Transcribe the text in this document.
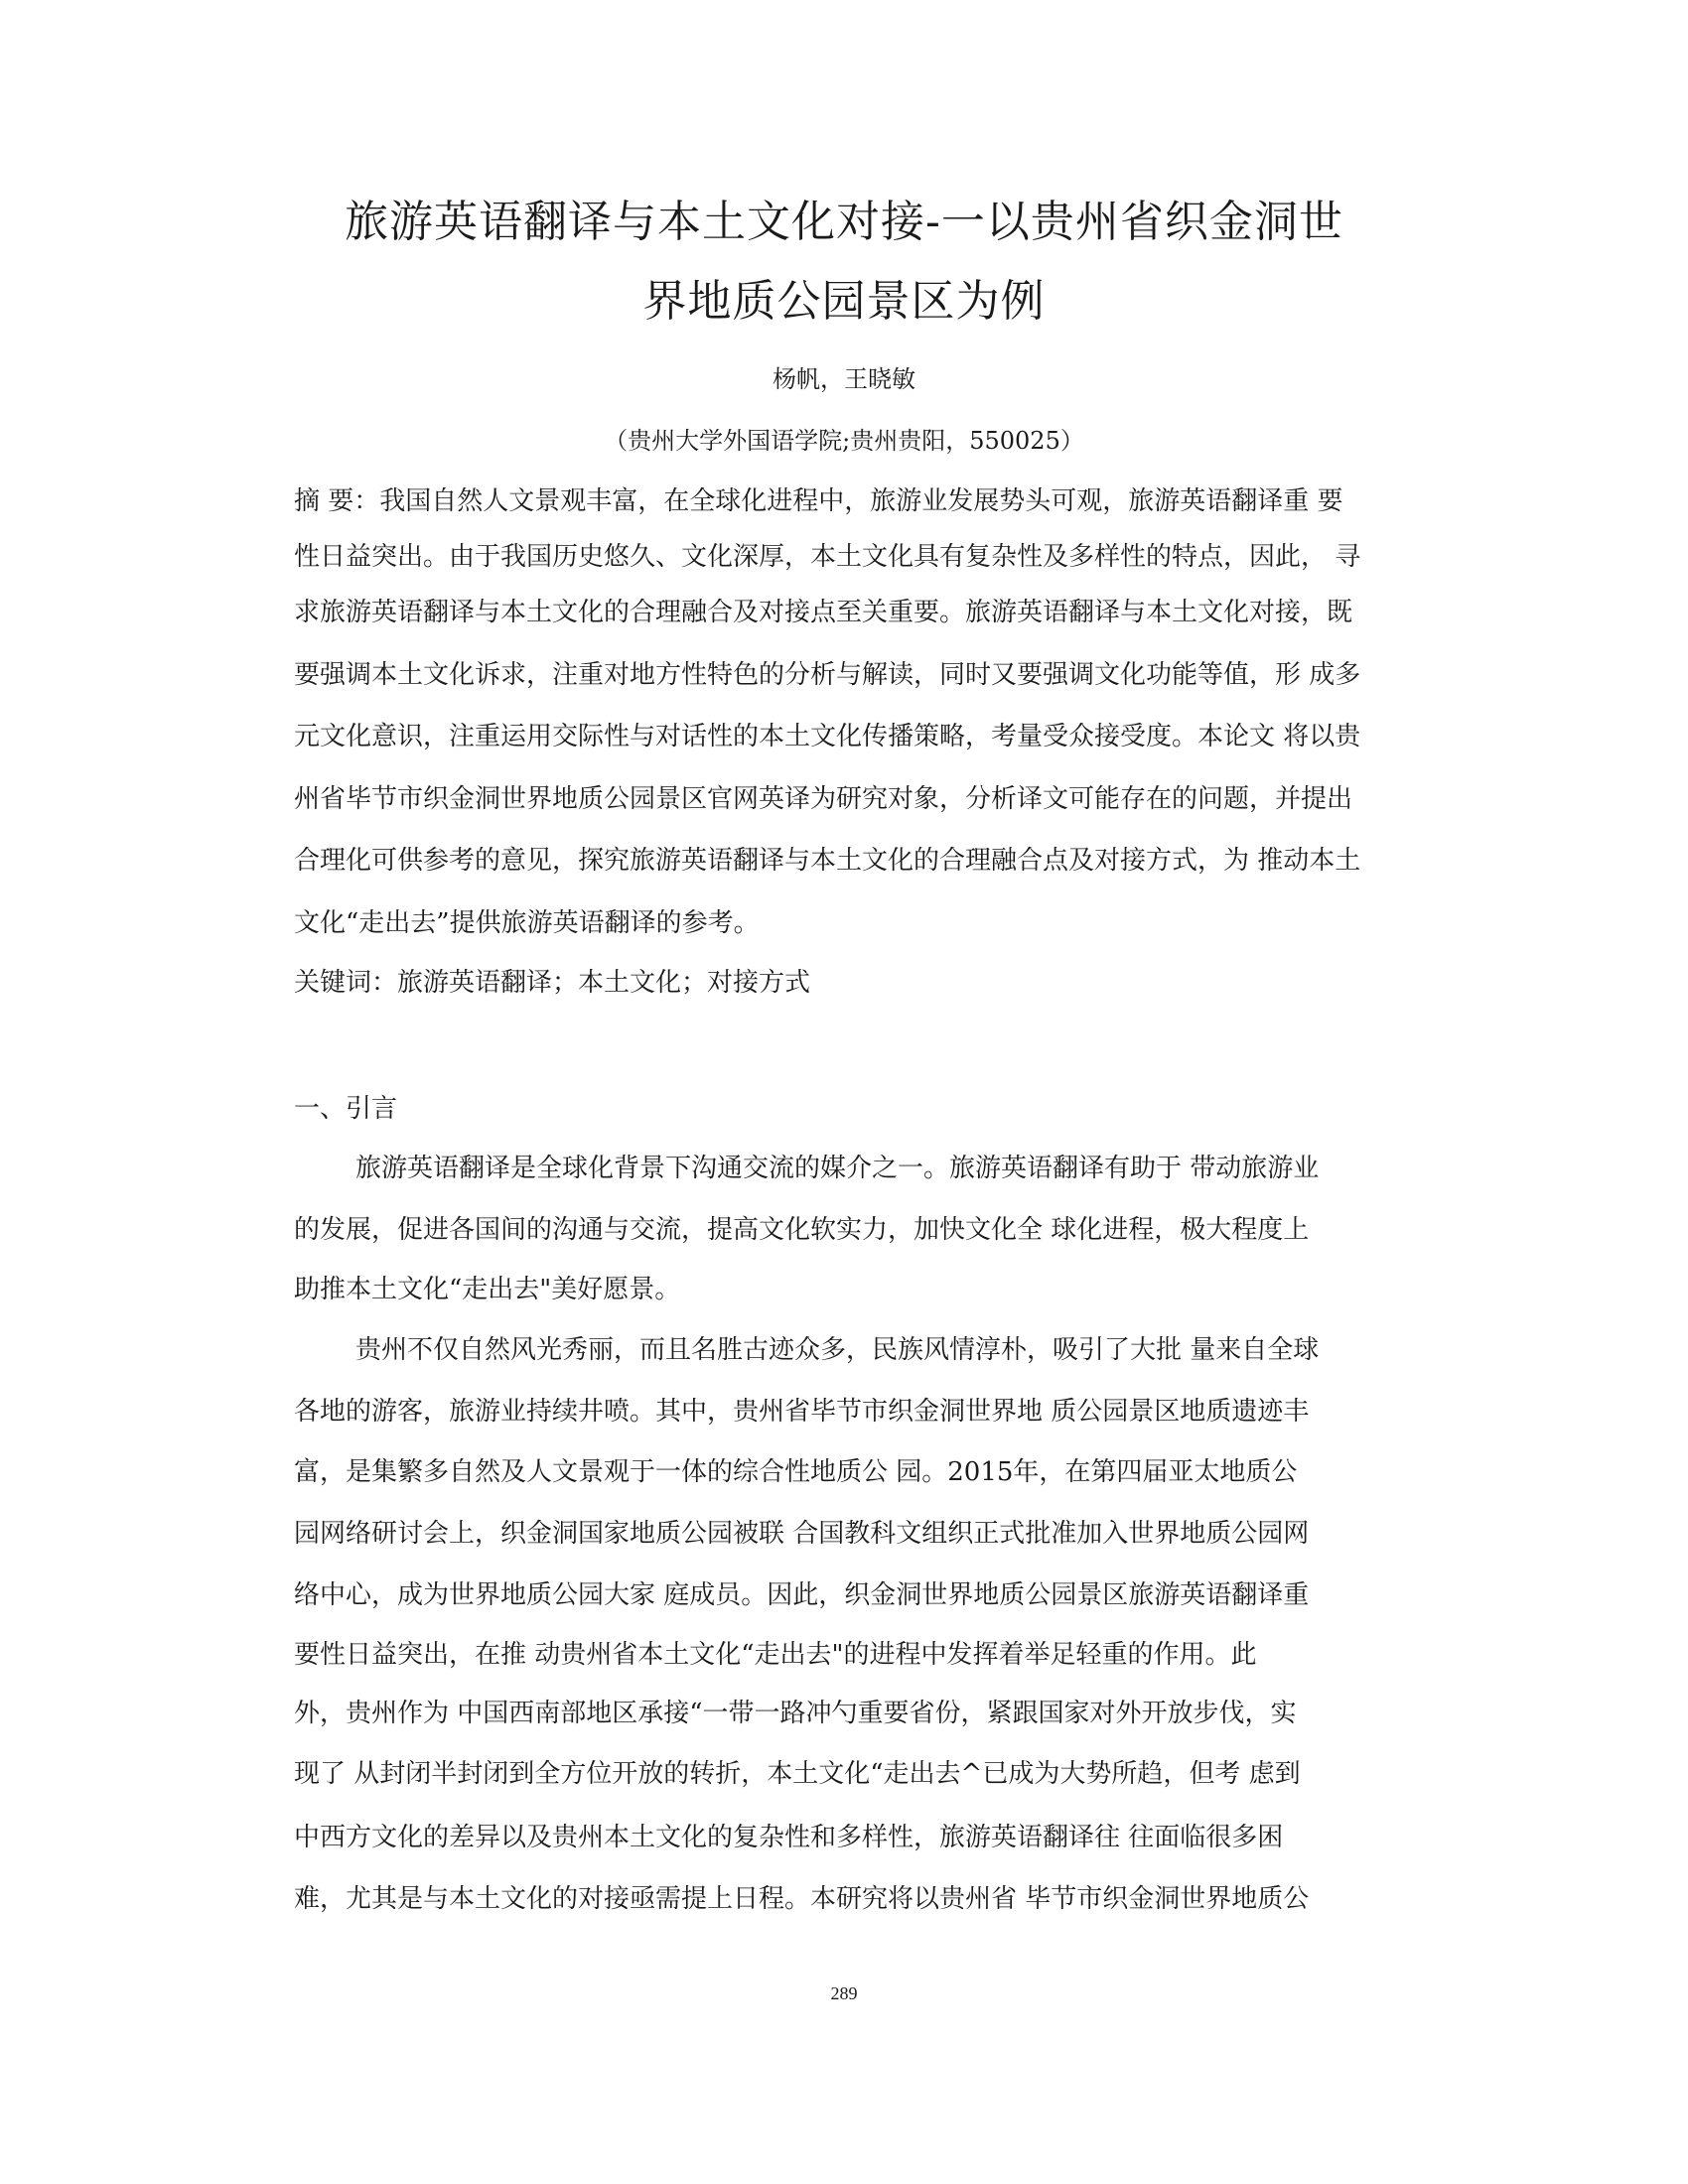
旅游英语翻译与本土文化对接-一以贵州省织金洞世
界地质公园景区为例

杨帆，王晓敏

（贵州大学外国语学院;贵州贵阳，550025）

摘 要：我国自然人文景观丰富，在全球化进程中，旅游业发展势头可观，旅游英语翻译重 要

性日益突出。由于我国历史悠久、文化深厚，本土文化具有复杂性及多样性的特点，因此， 寻

求旅游英语翻译与本土文化的合理融合及对接点至关重要。旅游英语翻译与本土文化对接，既

要强调本土文化诉求，注重对地方性特色的分析与解读，同时又要强调文化功能等值，形 成多

元文化意识，注重运用交际性与对话性的本土文化传播策略，考量受众接受度。本论文 将以贵

州省毕节市织金洞世界地质公园景区官网英译为研究对象，分析译文可能存在的问题，并提出

合理化可供参考的意见，探究旅游英语翻译与本土文化的合理融合点及对接方式，为 推动本土

文化“走出去”提供旅游英语翻译的参考。

关键词：旅游英语翻译；本土文化；对接方式

一、引言

旅游英语翻译是全球化背景下沟通交流的媒介之一。旅游英语翻译有助于 带动旅游业

的发展，促进各国间的沟通与交流，提高文化软实力，加快文化全 球化进程，极大程度上

助推本土文化“走出去"美好愿景。

贵州不仅自然风光秀丽，而且名胜古迹众多，民族风情淳朴，吸引了大批 量来自全球

各地的游客，旅游业持续井喷。其中，贵州省毕节市织金洞世界地 质公园景区地质遗迹丰

富，是集繁多自然及人文景观于一体的综合性地质公 园。2015年，在第四届亚太地质公

园网络研讨会上，织金洞国家地质公园被联 合国教科文组织正式批准加入世界地质公园网

络中心，成为世界地质公园大家 庭成员。因此，织金洞世界地质公园景区旅游英语翻译重

要性日益突出，在推 动贵州省本土文化“走出去"的进程中发挥着举足轻重的作用。此

外，贵州作为 中国西南部地区承接“一带一路冲勺重要省份，紧跟国家对外开放步伐，实

现了 从封闭半封闭到全方位开放的转折，本土文化“走出去^已成为大势所趋，但考 虑到

中西方文化的差异以及贵州本土文化的复杂性和多样性，旅游英语翻译往 往面临很多困

难，尤其是与本土文化的对接亟需提上日程。本研究将以贵州省 毕节市织金洞世界地质公

289
